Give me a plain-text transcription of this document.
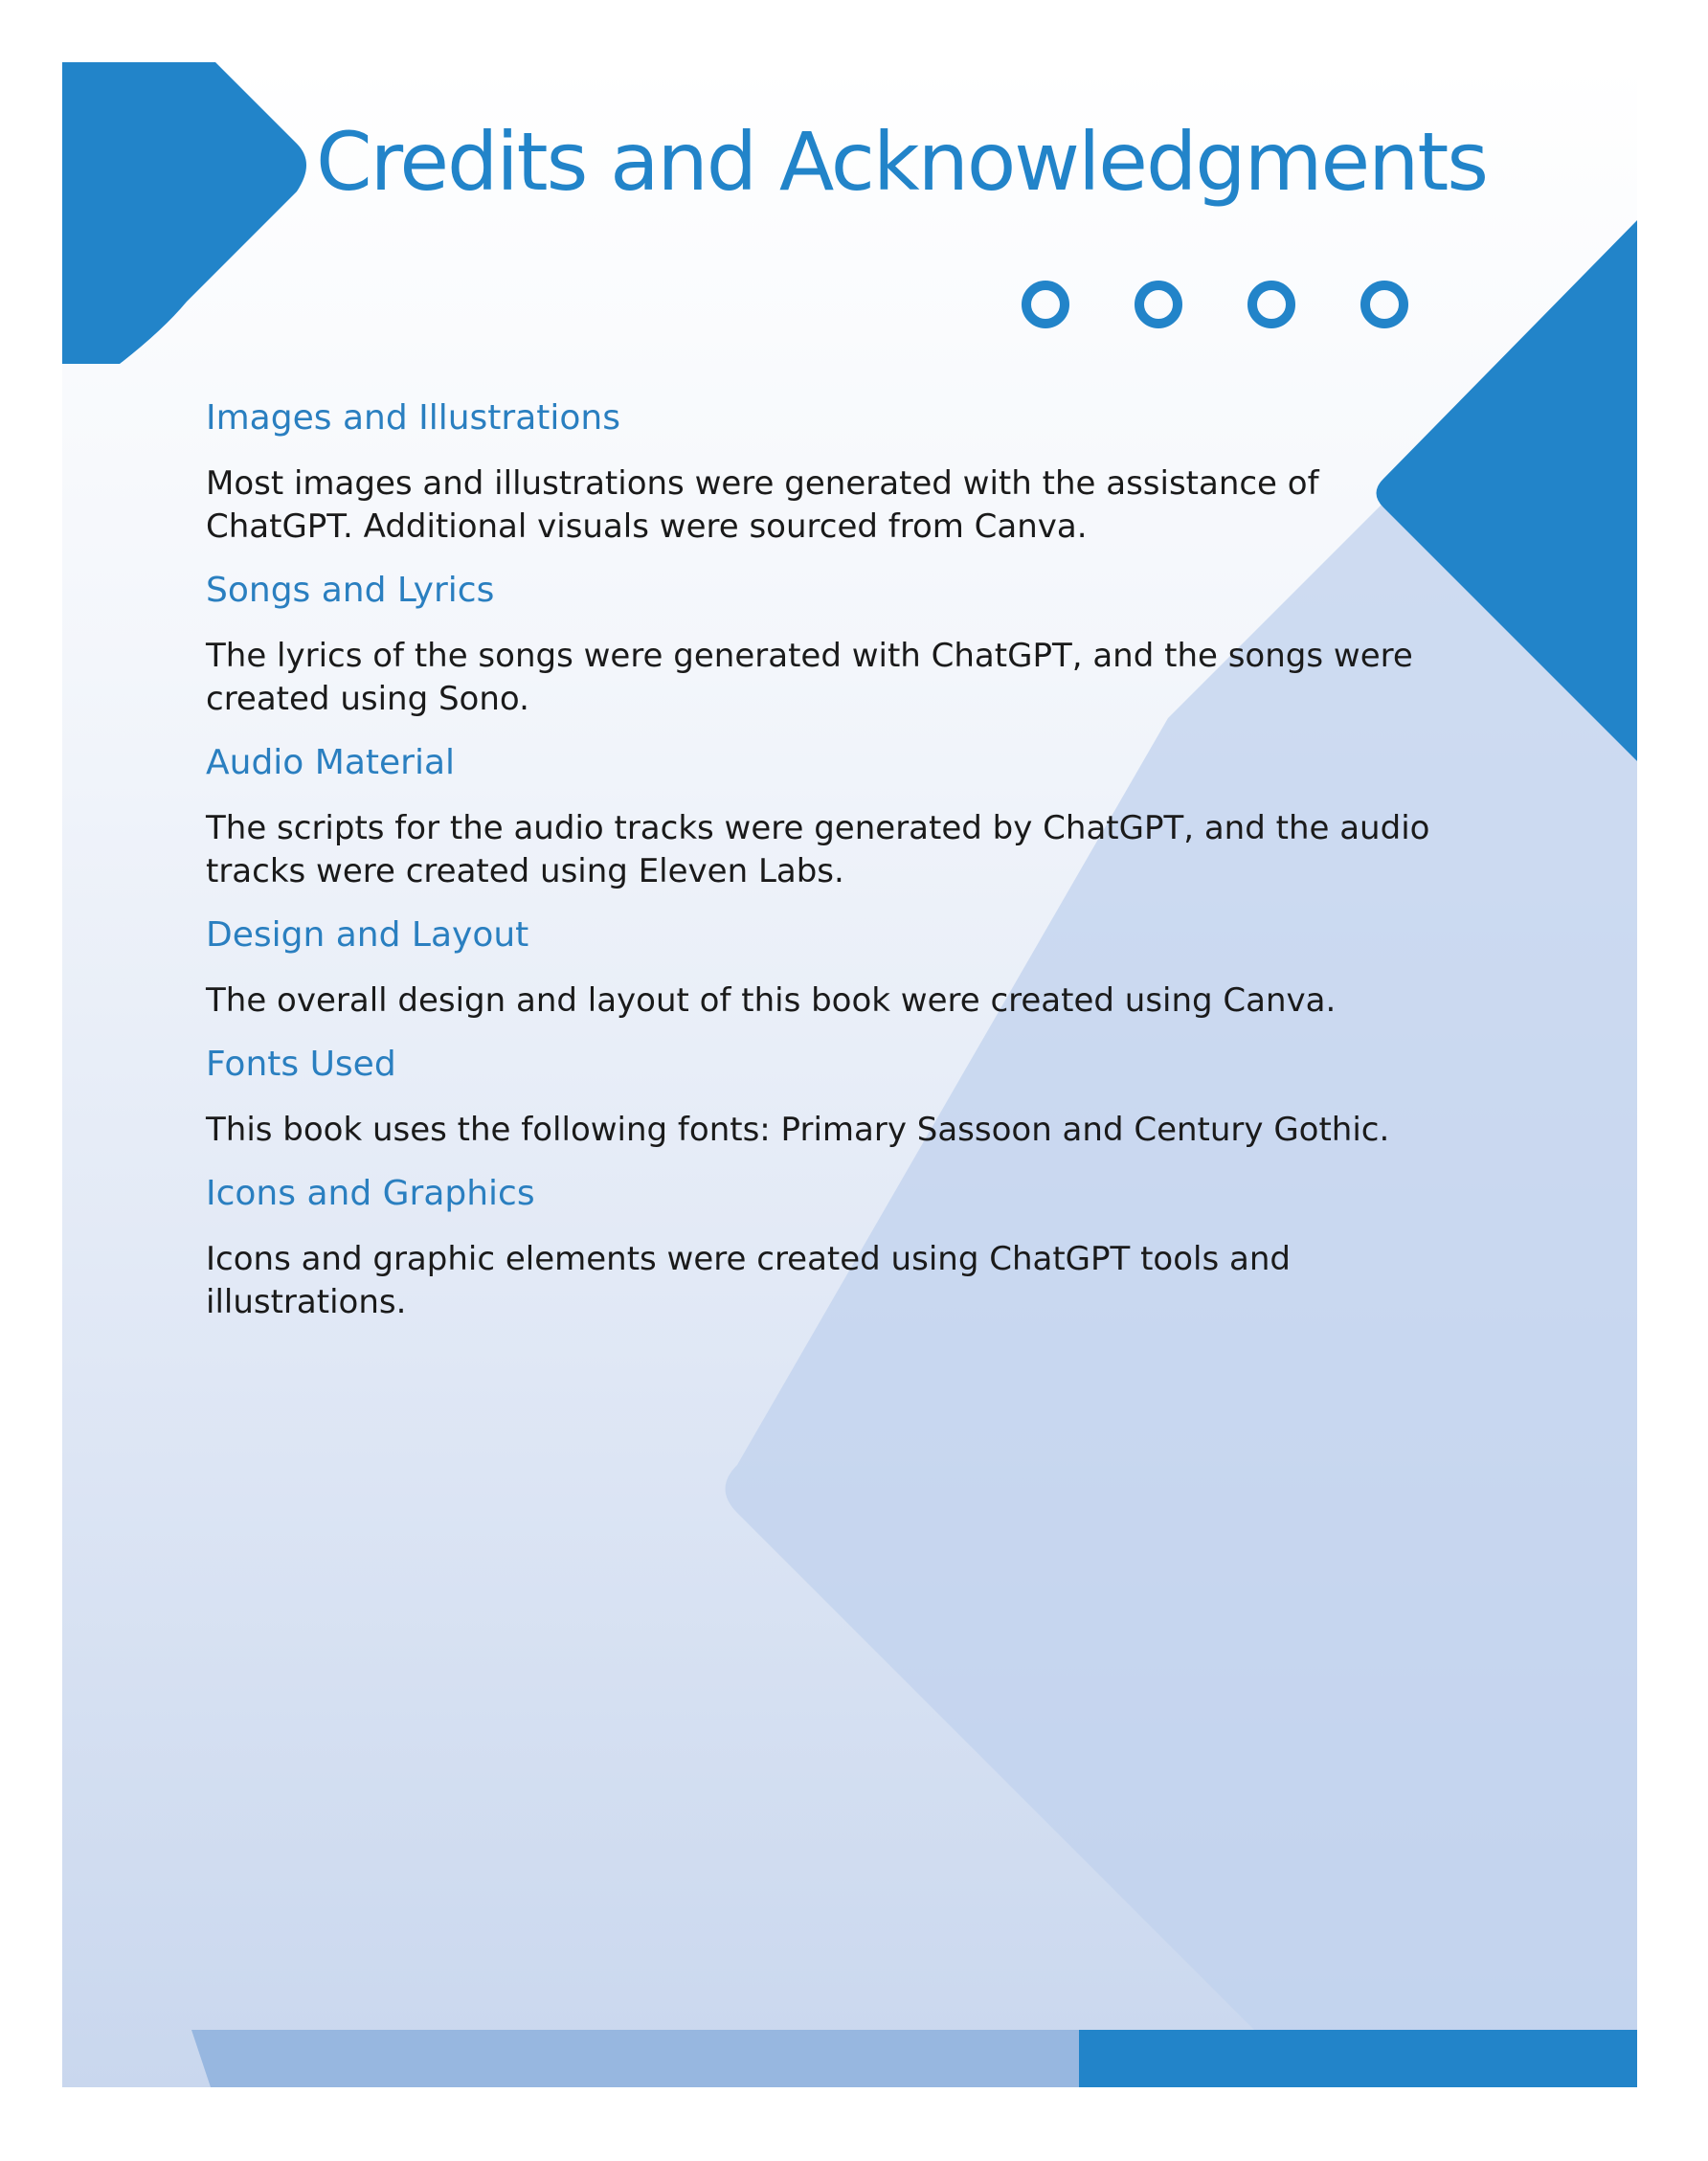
Credits and Acknowledgments
Images and Illustrations

Most images and illustrations were generated with the assistance of ChatGPT. Additional visuals were sourced from Canva.

Songs and Lyrics

The lyrics of the songs were generated with ChatGPT, and the songs were created using Sono.

Audio Material

The scripts for the audio tracks were generated by ChatGPT, and the audio tracks were created using Eleven Labs.

Design and Layout

The overall design and layout of this book were created using Canva.

Fonts Used

This book uses the following fonts: Primary Sassoon and Century Gothic.

Icons and Graphics

Icons and graphic elements were created using ChatGPT tools and illustrations.
